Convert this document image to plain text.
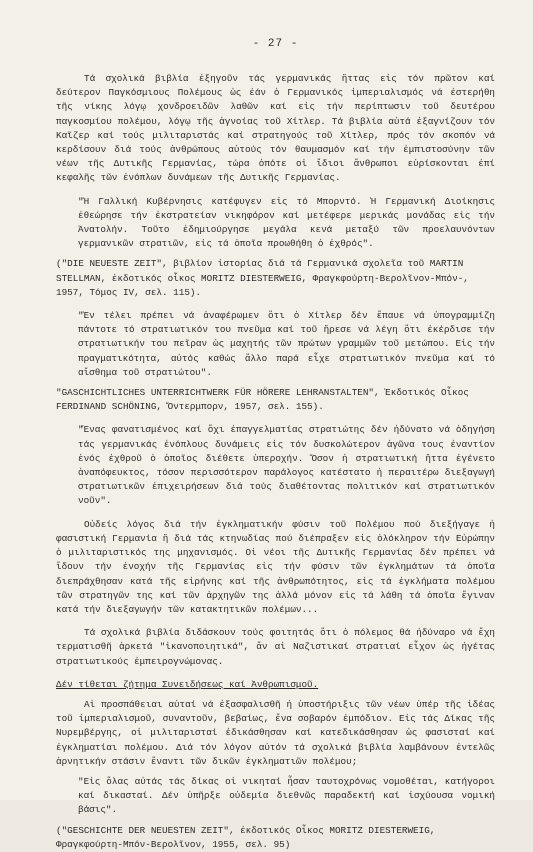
- 27 -

Τά σχολικά βιβλία ἐξηγοῦν τάς γερμανικάς ἥττας εἰς τόν πρῶτον καί δεύτερον Παγκόσμιους Πολέμους ὡς ἐάν ὁ Γερμανικός ἰμπεριαλισμός νά ἐστερήθη τῆς νίκης λόγῳ χονδροειδῶν λαθῶν καί εἰς τήν περίπτωσιν τοῦ δευτέρου παγκοσμίου πολέμου, λόγῳ τῆς ἀγνοίας τοῦ Χίτλερ. Τά βιβλία αὐτά ἐξαγνίζουν τόν Καῖζερ καί τούς μιλιταριστάς καί στρατηγούς τοῦ Χίτλερ, πρός τόν σκοπόν νά κερδίσουν διά τούς ἀνθρώπους αὐτούς τόν θαυμασμόν καί τήν ἐμπιστοσύνην τῶν νέων τῆς Δυτικῆς Γερμανίας, τώρα ὁπότε οἱ ἴδιοι ἄνθρωποι εὑρίσκονται ἐπί κεφαλῆς τῶν ἐνόπλων δυνάμεων τῆς Δυτικῆς Γερμανίας.

"Ἡ Γαλλική Κυβέρνησις κατέφυγεν εἰς τό Μπορντό. Ἡ Γερμανική Διοίκησις ἐθεώρησε τήν ἐκστρατείαν νικηφόρον καί μετέφερε μερικάς μονάδας εἰς τήν Ἀνατολήν. Τοῦτο ἐδημιούργησε μεγάλα κενά μεταξύ τῶν προελαυνόντων γερμανικῶν στρατιῶν, εἰς τά ὁποῖα προωθήθη ὁ ἐχθρός".

("DIE NEUESTE ZEIT", βιβλίον ἱστορίας διά τά Γερμανικά σχολεῖα τοῦ MARTIN STELLMAN, ἐκδοτικός οἶκος MORITZ DIESTERWEIG, Φραγκφούρτη-Βερολῖνον-Μπόν-, 1957, Τόμος IV, σελ. 115).

"Ἐν τέλει πρέπει νά ἀναφέρωμεν ὅτι ὁ Χίτλερ δέν ἔπαυε νά ὑπογραμμίζη πάντοτε τό στρατιωτικόν του πνεῦμα καί τοῦ ἤρεσε νά λέγη ὅτι ἐκέρδισε τήν στρατιωτικήν του πεῖραν ὡς μαχητής τῶν πρώτων γραμμῶν τοῦ μετώπου. Εἰς τήν πραγματικότητα, αὐτός καθώς ἄλλο παρά εἶχε στρατιωτικόν πνεῦμα καί τό αἴσθημα τοῦ στρατιώτου".

"GASCHICHTLICHES UNTERRICHTWERK FÜR HÖRERE LEHRANSTALTEN", Ἐκδοτικός Οἶκος FERDINAND SCHÖNING, Ὄντερμπορν, 1957, σελ. 155).

"Ἕνας φανατισμένος καί ὄχι ἐπαγγελματίας στρατιώτης δέν ἠδύνατο νά ὁδηγήση τάς γερμανικάς ἐνόπλους δυνάμεις εἰς τόν δυσκολώτερον ἀγῶνα τους ἐναντίον ἑνός ἐχθροῦ ὁ ὁποῖος διέθετε ὑπεροχήν. Ὅσον ἡ στρατιωτική ἥττα ἐγένετο ἀναπόφευκτος, τόσον περισσότερον παράλογος κατέστατο ἡ περαιτέρω διεξαγωγή στρατιωτικῶν ἐπιχειρήσεων διά τούς διαθέτοντας πολιτικόν καί στρατιωτικόν νοῦν".

Οὐδείς λόγος διά τήν ἐγκληματικήν φύσιν τοῦ Πολέμου πού διεξήγαγε ἡ φασιστική Γερμανία ἤ διά τάς κτηνωδίας πού διέπραξεν εἰς ὁλόκληρον τήν Εὐρώπην ὁ μιλιταριστικός της μηχανισμός. Οἱ νέοι τῆς Δυτικῆς Γερμανίας δέν πρέπει νά ἴδουν τήν ἐνοχήν τῆς Γερμανίας εἰς τήν φύσιν τῶν ἐγκλημάτων τά ὁποῖα διεπράχθησαν κατά τῆς εἰρήνης καί τῆς ἀνθρωπότητος, εἰς τά ἐγκλήματα πολέμου τῶν στρατηγῶν της καί τῶν ἀρχηγῶν της ἀλλά μόνον εἰς τά λάθη τά ὁποῖα ἔγιναν κατά τήν διεξαγωγήν τῶν κατακτητικῶν πολέμων...

Τά σχολικά βιβλία διδάσκουν τούς φοιτητάς ὅτι ὁ πόλεμος θά ἠδύναρο νά ἔχη τερματισθῆ ἀρκετά "ἱκανοποιητικά", ἄν αἱ Ναζιστικαί στρατιαί εἶχον ὡς ἡγέτας στρατιωτικούς ἐμπειρογνώμονας.

Δέν τίθεται ζήτημα Συνειδήσεως καί Ἀνθρωπισμοῦ.

Αἱ προσπάθειαι αὐταί νά ἐξασφαλισθῆ ἡ ὑποστήριξις τῶν νέων ὑπέρ τῆς ἰδέας τοῦ ἰμπεριαλισμοῦ, συναντοῦν, βεβαίως, ἕνα σοβαρόν ἐμπόδιον. Εἰς τάς Δίκας τῆς Νυρεμβέργης, οἱ μιλιταρισταί ἐδικάσθησαν καί κατεδικάσθησαν ὡς φασισταί καί ἐγκληματίαι πολέμου. Διά τόν λόγον αὐτόν τά σχολικά βιβλία λαμβάνουν ἐντελῶς ἀρνητικήν στάσιν ἔναντι τῶν δικῶν ἐγκληματιῶν πολέμου;

"Εἰς ὅλας αὐτάς τάς δίκας οἱ νικηταί ἦσαν ταυτοχρόνως νομοθέται, κατήγοροι καί δικασταί. Δέν ὑπῆρξε οὐδεμία διεθνῶς παραδεκτή καί ἰσχύουσα νομική βάσις".

("GESCHICHTE DER NEUESTEN ZEIT", ἐκδοτικός Οἶκος MORITZ DIESTERWEIG, Φραγκφούρτη-Μπόν-Βερολῖνον, 1955, σελ. 95)
